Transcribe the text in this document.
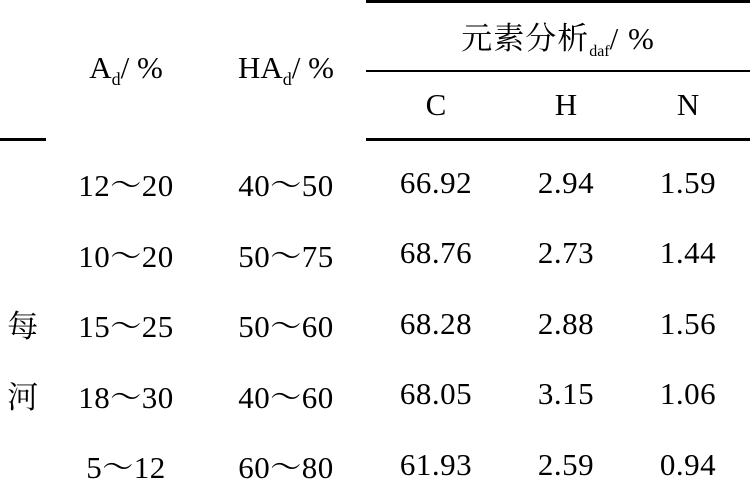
	$A_d/$ %	$HA_d/$ %	元素分析$_{daf}$/ %		
			C	H	N

	12～20	40～50	66.92	2.94	1.59
	10～20	50～75	68.76	2.73	1.44
每	15～25	50～60	68.28	2.88	1.56
河	18～30	40～60	68.05	3.15	1.06
	5～12	60～80	61.93	2.59	0.94
